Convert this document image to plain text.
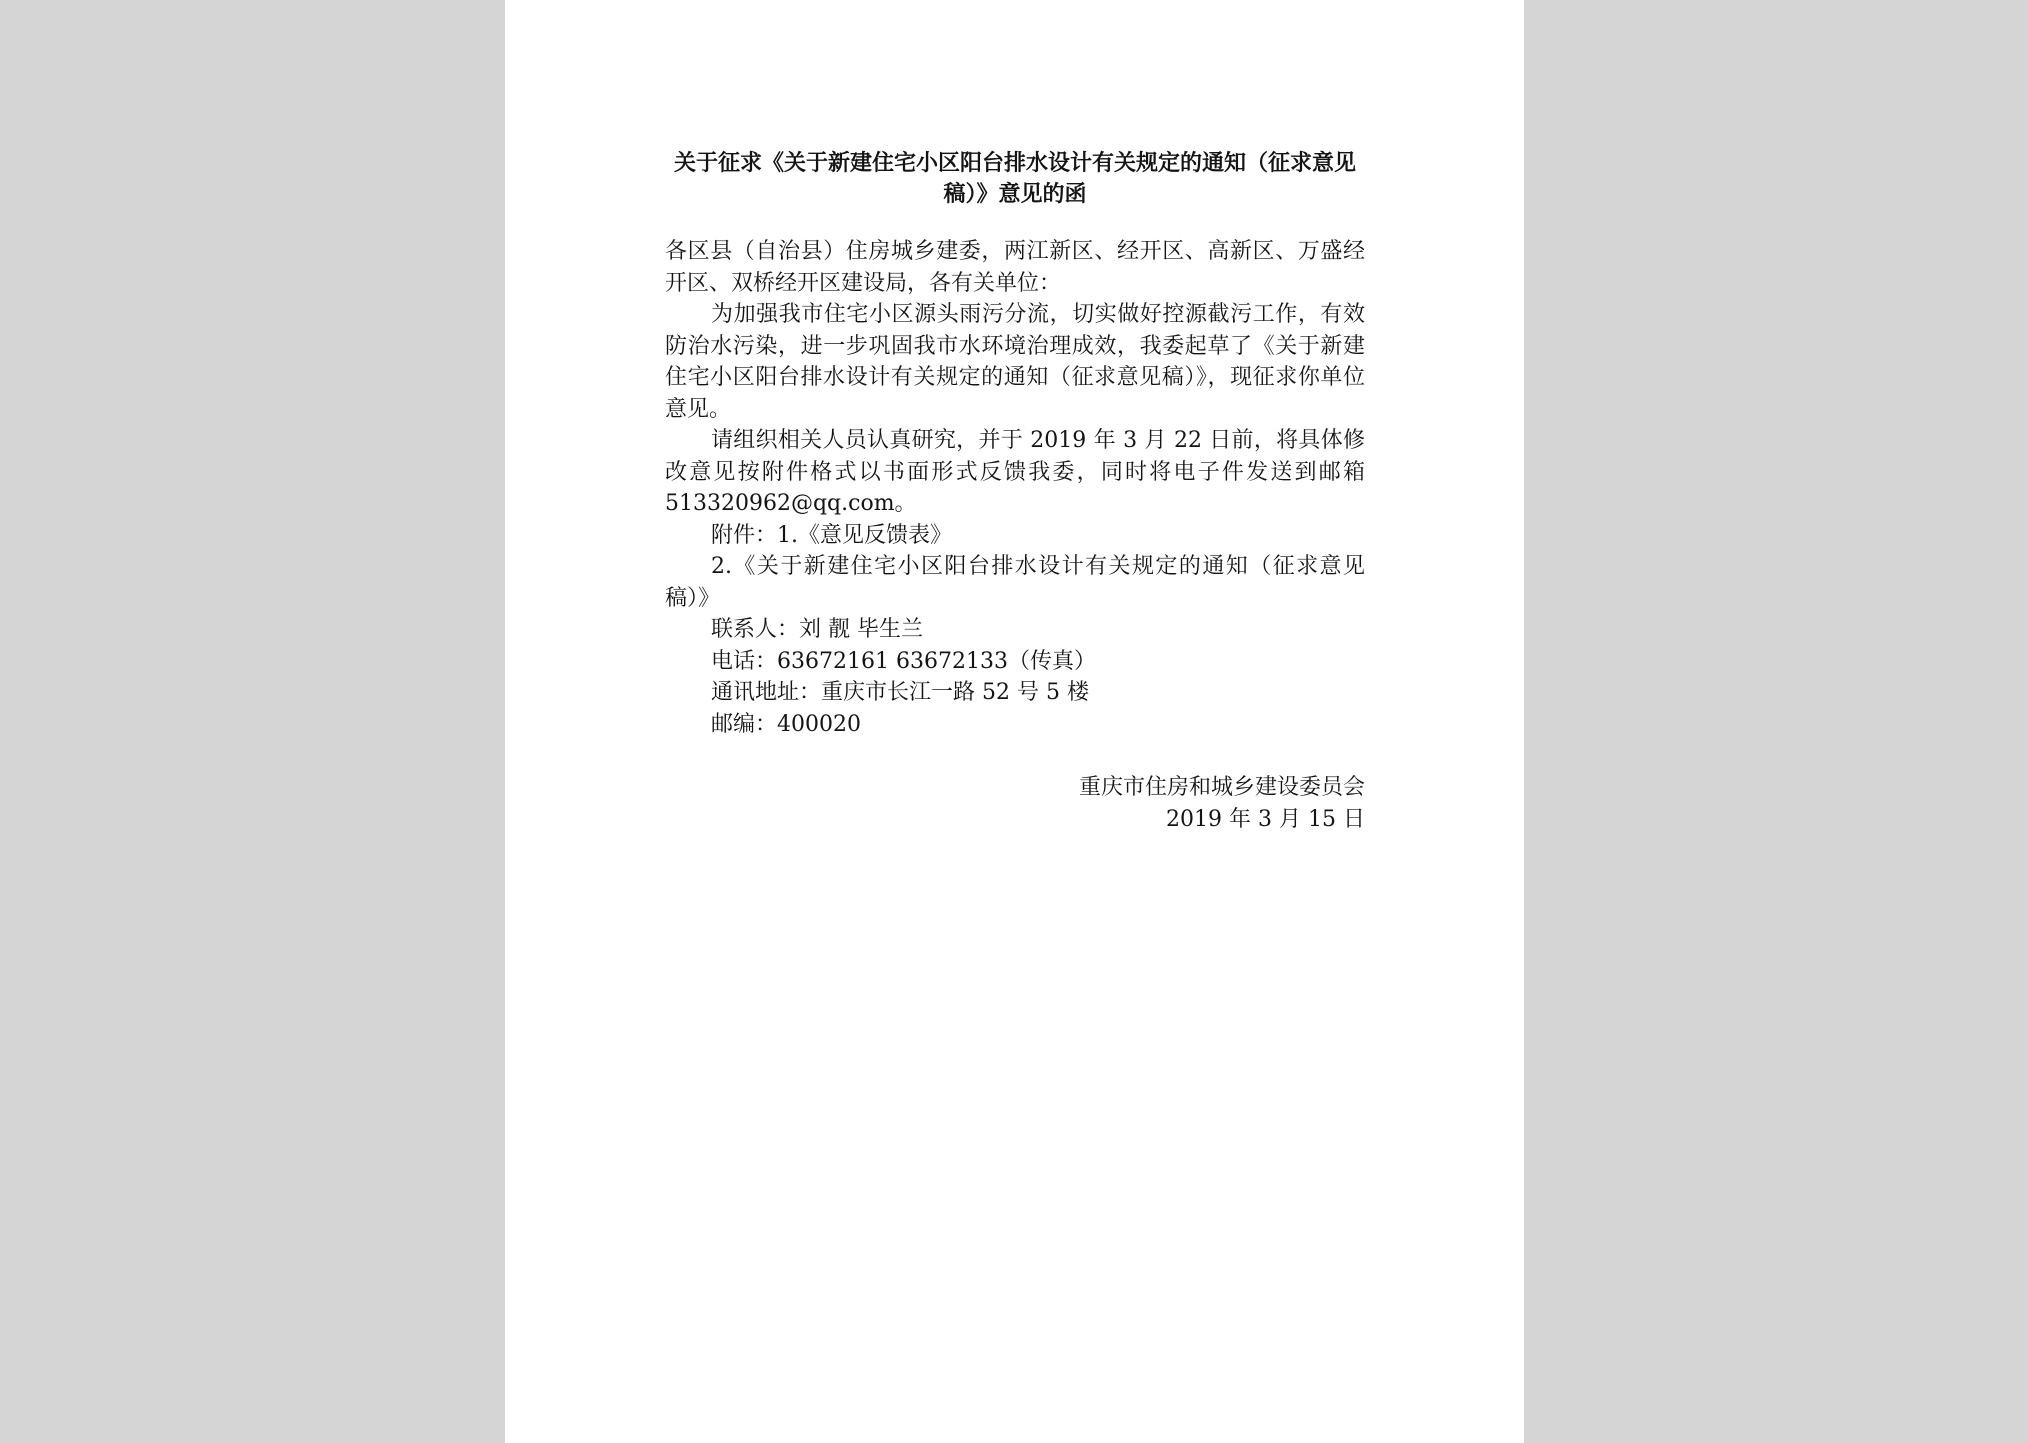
关于征求《关于新建住宅小区阳台排水设计有关规定的通知（征求意见稿）》意见的函

各区县（自治县）住房城乡建委，两江新区、经开区、高新区、万盛经开区、双桥经开区建设局，各有关单位：

为加强我市住宅小区源头雨污分流，切实做好控源截污工作，有效防治水污染，进一步巩固我市水环境治理成效，我委起草了《关于新建住宅小区阳台排水设计有关规定的通知（征求意见稿）》，现征求你单位意见。

请组织相关人员认真研究，并于 2019 年 3 月 22 日前，将具体修改意见按附件格式以书面形式反馈我委，同时将电子件发送到邮箱 513320962@qq.com。

附件：1.《意见反馈表》

2.《关于新建住宅小区阳台排水设计有关规定的通知（征求意见稿）》

联系人：刘 靓 毕生兰

电话：63672161 63672133（传真）

通讯地址：重庆市长江一路 52 号 5 楼

邮编：400020

重庆市住房和城乡建设委员会
2019 年 3 月 15 日
